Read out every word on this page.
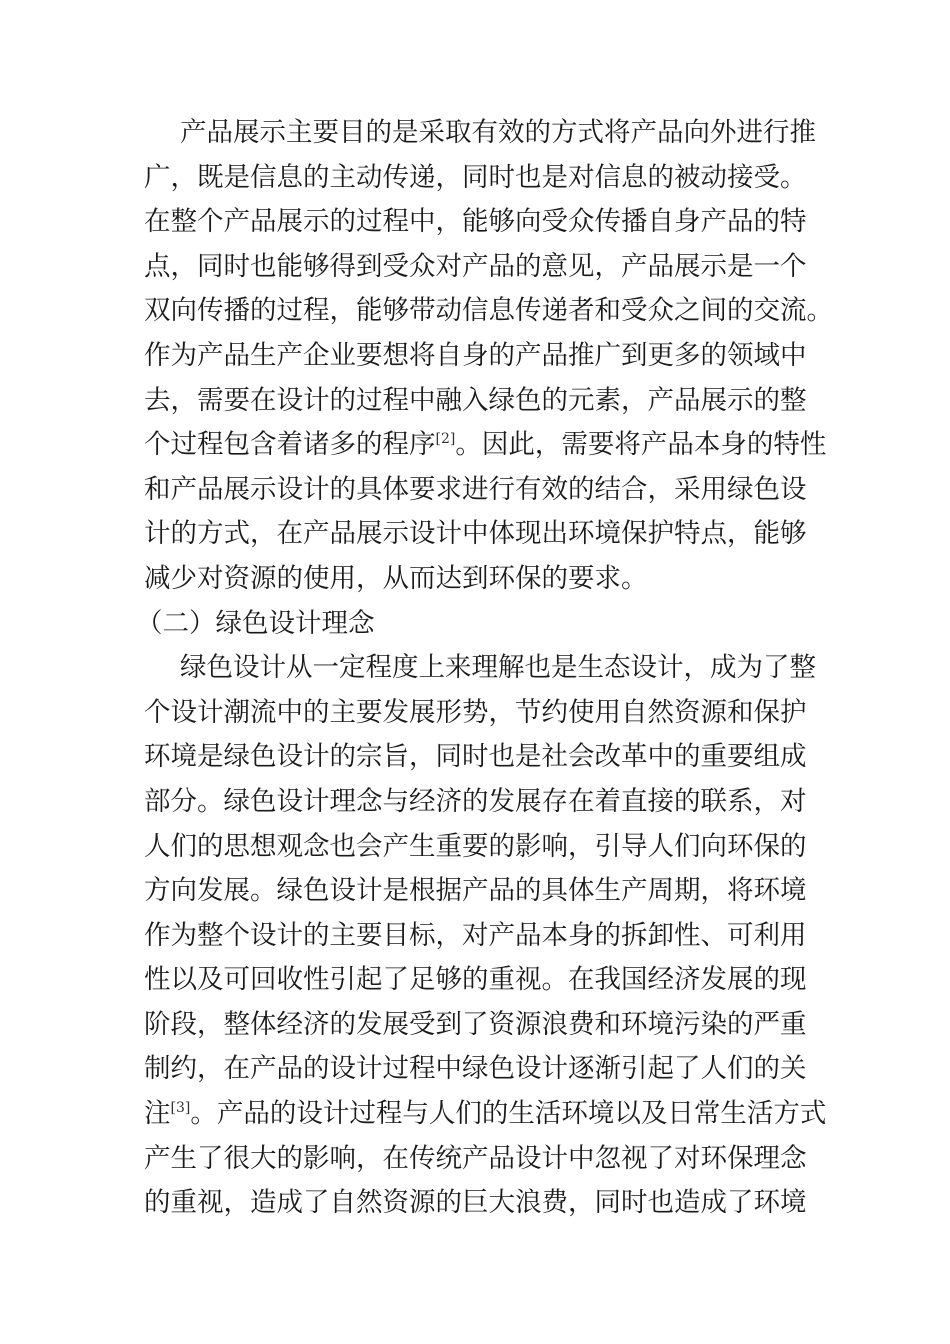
产品展示主要目的是采取有效的方式将产品向外进行推
广，既是信息的主动传递，同时也是对信息的被动接受。
在整个产品展示的过程中，能够向受众传播自身产品的特
点，同时也能够得到受众对产品的意见，产品展示是一个
双向传播的过程，能够带动信息传递者和受众之间的交流。
作为产品生产企业要想将自身的产品推广到更多的领域中
去，需要在设计的过程中融入绿色的元素，产品展示的整
个过程包含着诸多的程序[2]。因此，需要将产品本身的特性
和产品展示设计的具体要求进行有效的结合，采用绿色设
计的方式，在产品展示设计中体现出环境保护特点，能够
减少对资源的使用，从而达到环保的要求。
（二）绿色设计理念
绿色设计从一定程度上来理解也是生态设计，成为了整
个设计潮流中的主要发展形势，节约使用自然资源和保护
环境是绿色设计的宗旨，同时也是社会改革中的重要组成
部分。绿色设计理念与经济的发展存在着直接的联系，对
人们的思想观念也会产生重要的影响，引导人们向环保的
方向发展。绿色设计是根据产品的具体生产周期，将环境
作为整个设计的主要目标，对产品本身的拆卸性、可利用
性以及可回收性引起了足够的重视。在我国经济发展的现
阶段，整体经济的发展受到了资源浪费和环境污染的严重
制约，在产品的设计过程中绿色设计逐渐引起了人们的关
注[3]。产品的设计过程与人们的生活环境以及日常生活方式
产生了很大的影响，在传统产品设计中忽视了对环保理念
的重视，造成了自然资源的巨大浪费，同时也造成了环境
